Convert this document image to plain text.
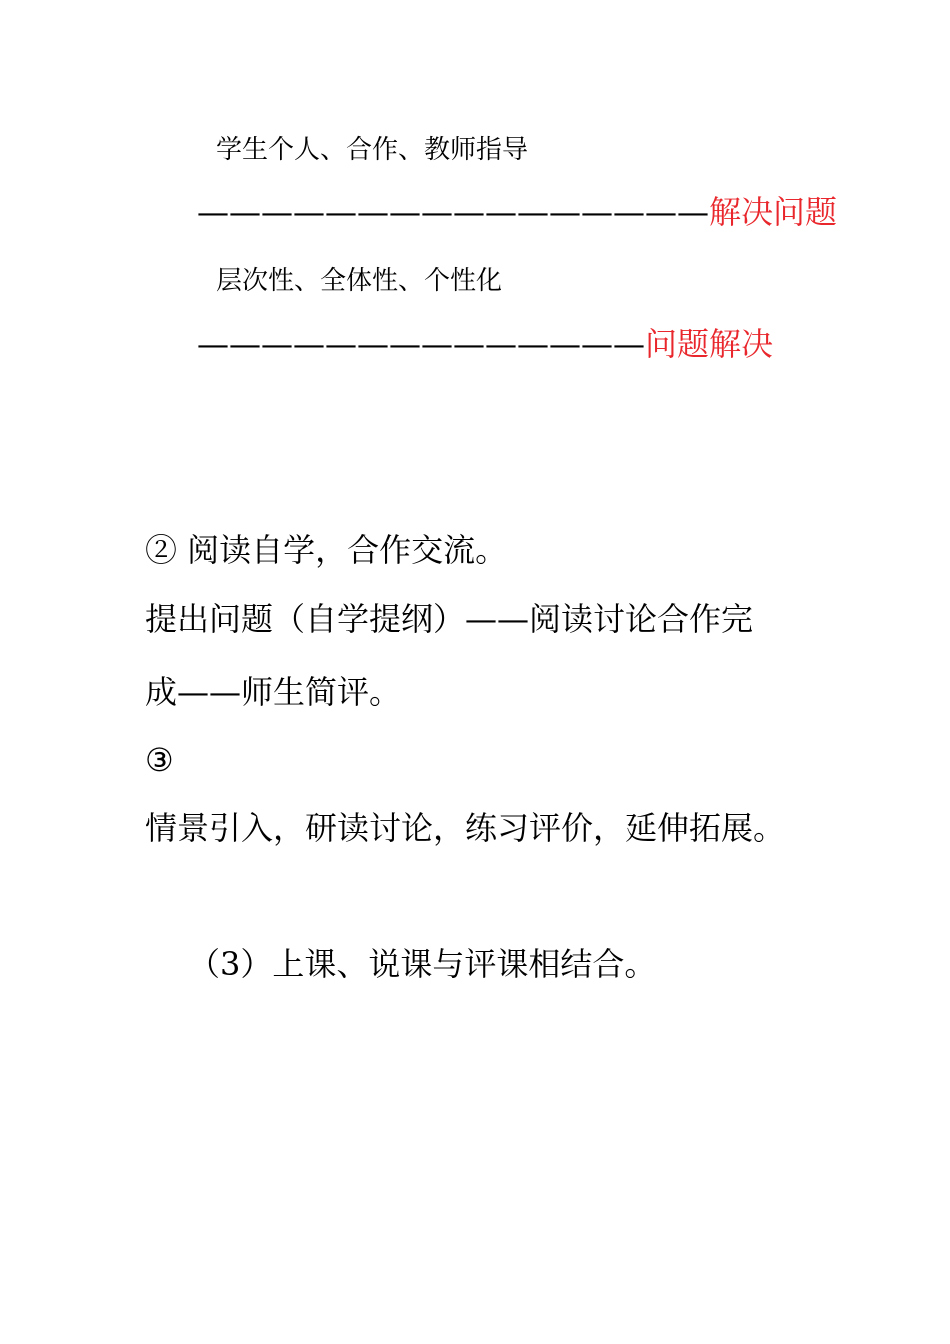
学生个人、合作、教师指导
————————————————解决问题
层次性、全体性、个性化
——————————————问题解决
② 阅读自学，合作交流。
提出问题（自学提纲）——阅读讨论合作完
成——师生简评。
③
情景引入，研读讨论，练习评价，延伸拓展。
（3）上课、说课与评课相结合。
